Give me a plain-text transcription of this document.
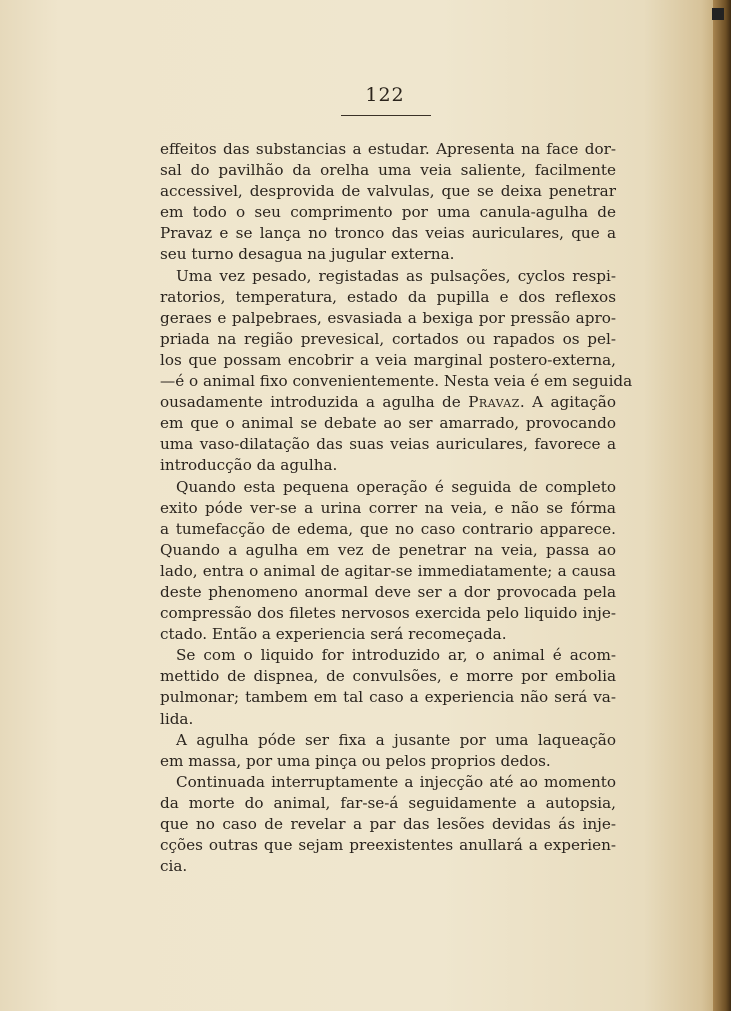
122
effeitos das substancias a estudar. Apresenta na face dor-
sal do pavilhão da orelha uma veia saliente, facilmente
accessivel, desprovida de valvulas, que se deixa penetrar
em todo o seu comprimento por uma canula-agulha de
Pravaz e se lança no tronco das veias auriculares, que a
seu turno desagua na jugular externa.
Uma vez pesado, registadas as pulsações, cyclos respi-
ratorios, temperatura, estado da pupilla e dos reflexos
geraes e palpebraes, esvasiada a bexiga por pressão apro-
priada na região prevesical, cortados ou rapados os pel-
los que possam encobrir a veia marginal postero-externa,
—é o animal fixo convenientemente. Nesta veia é em seguida
ousadamente introduzida a agulha de Pravaz. A agitação
em que o animal se debate ao ser amarrado, provocando
uma vaso-dilatação das suas veias auriculares, favorece a
introducção da agulha.
Quando esta pequena operação é seguida de completo
exito póde ver-se a urina correr na veia, e não se fórma
a tumefacção de edema, que no caso contrario apparece.
Quando a agulha em vez de penetrar na veia, passa ao
lado, entra o animal de agitar-se immediatamente; a causa
deste phenomeno anormal deve ser a dor provocada pela
compressão dos filetes nervosos exercida pelo liquido inje-
ctado. Então a experiencia será recomeçada.
Se com o liquido for introduzido ar, o animal é acom-
mettido de dispnea, de convulsões, e morre por embolia
pulmonar; tambem em tal caso a experiencia não será va-
lida.
A agulha póde ser fixa a jusante por uma laqueação
em massa, por uma pinça ou pelos proprios dedos.
Continuada interruptamente a injecção até ao momento
da morte do animal, far-se-á seguidamente a autopsia,
que no caso de revelar a par das lesões devidas ás inje-
cções outras que sejam preexistentes anullará a experien-
cia.
